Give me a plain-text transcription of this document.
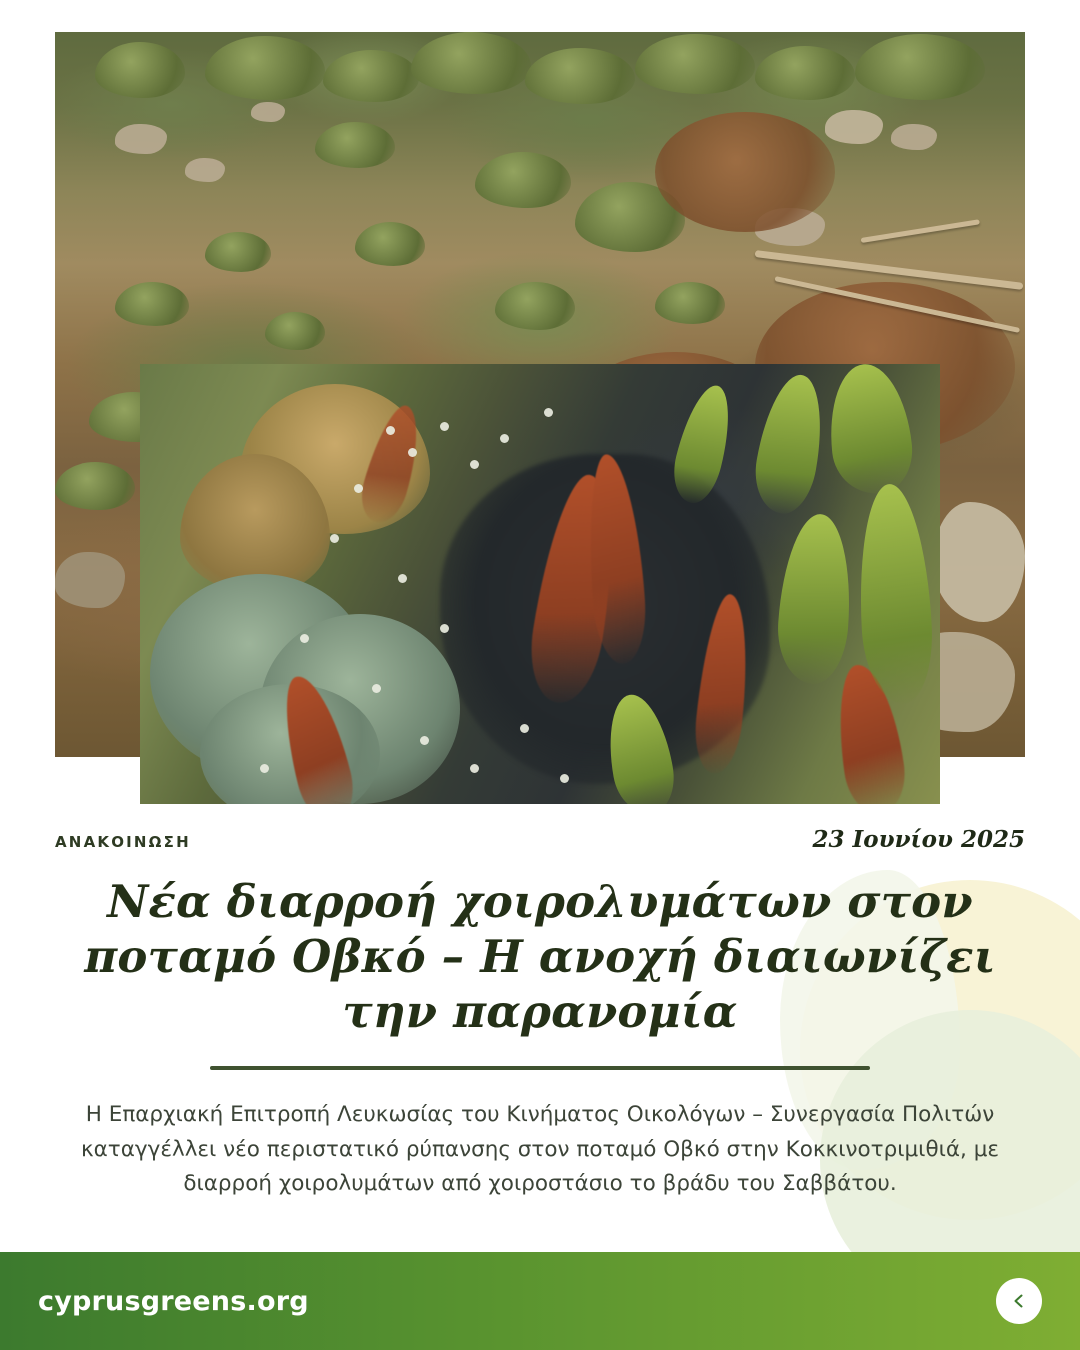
ΑΝΑΚΟΙΝΩΣΗ	23 Ιουνίου 2025
Νέα διαρροή χοιρολυμάτων στον ποταμό Οβκό – Η ανοχή διαιωνίζει την παρανομία

Η Επαρχιακή Επιτροπή Λευκωσίας του Κινήματος Οικολόγων – Συνεργασία Πολιτών καταγγέλλει νέο περιστατικό ρύπανσης στον ποταμό Οβκό στην Κοκκινοτριμιθιά, με διαρροή χοιρολυμάτων από χοιροστάσιο το βράδυ του Σαββάτου.

cyprusgreens.org
